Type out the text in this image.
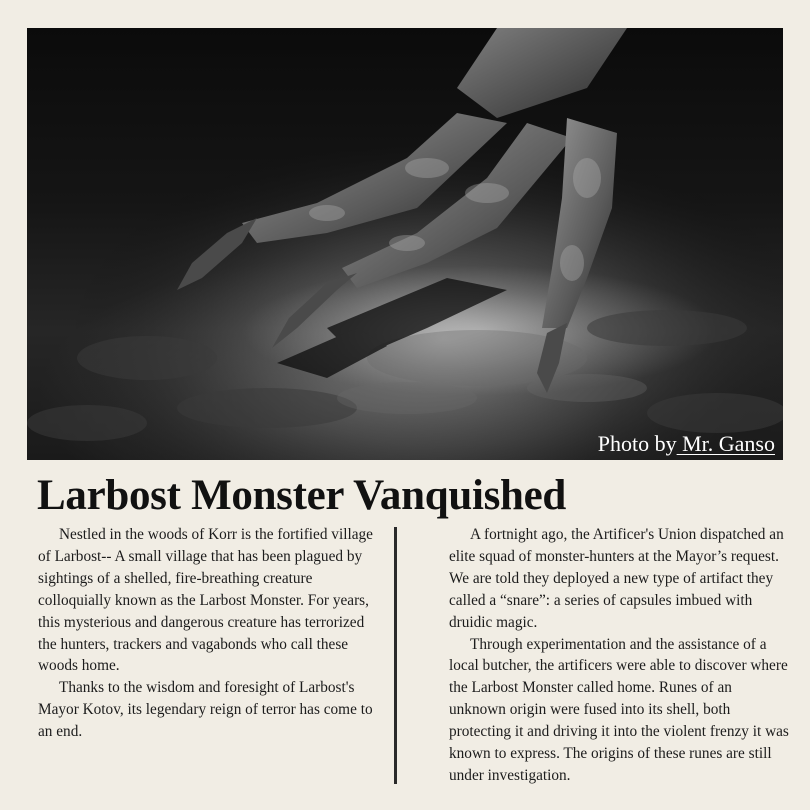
Photo by Mr. Ganso
Larbost Monster Vanquished

Nestled in the woods of Korr is the fortified village of Larbost-- A small village that has been plagued by sightings of a shelled, fire-breathing creature colloquially known as the Larbost Monster. For years, this mysterious and dangerous creature has terrorized the hunters, trackers and vagabonds who call these woods home.

Thanks to the wisdom and foresight of Larbost's Mayor Kotov, its legendary reign of terror has come to an end.

A fortnight ago, the Artificer's Union dispatched an elite squad of monster-hunters at the Mayor’s request. We are told they deployed a new type of artifact they called a “snare”: a series of capsules imbued with druidic magic.

Through experimentation and the assistance of a local butcher, the artificers were able to discover where the Larbost Monster called home. Runes of an unknown origin were fused into its shell, both protecting it and driving it into the violent frenzy it was known to express. The origins of these runes are still under investigation.
